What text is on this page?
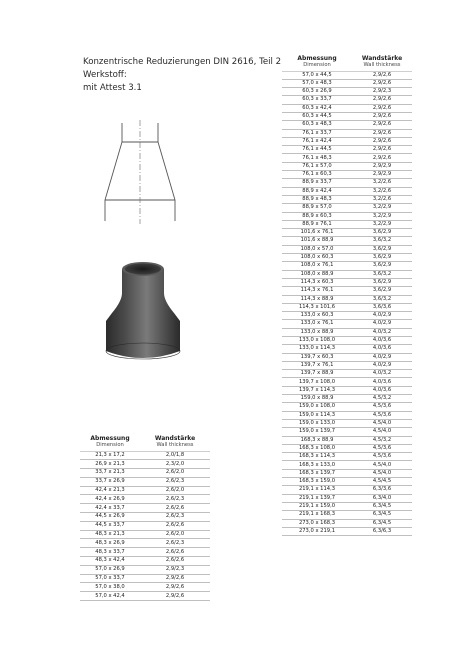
Konzentrische Reduzierungen DIN 2616, Teil 2
Werkstoff:
mit Attest 3.1
Abmessung
Dimension
Wandstärke
Wall thickness
57,0 x 44,5	2,9/2,6
57,0 x 48,3	2,9/2,6
60,3 x 26,9	2,9/2,3
60,3 x 33,7	2,9/2,6
60,3 x 42,4	2,9/2,6
60,3 x 44,5	2,9/2,6
60,3 x 48,3	2,9/2,6
76,1 x 33,7	2,9/2,6
76,1 x 42,4	2,9/2,6
76,1 x 44,5	2,9/2,6
76,1 x 48,3	2,9/2,6
76,1 x 57,0	2,9/2,9
76,1 x 60,3	2,9/2,9
88,9 x 33,7	3,2/2,6
88,9 x 42,4	3,2/2,6
88,9 x 48,3	3,2/2,6
88,9 x 57,0	3,2/2,9
88,9 x 60,3	3,2/2,9
88,9 x 76,1	3,2/2,9
101,6 x 76,1	3,6/2,9
101,6 x 88,9	3,6/3,2
108,0 x 57,0	3,6/2,9
108,0 x 60,3	3,6/2,9
108,0 x 76,1	3,6/2,9
108,0 x 88,9	3,6/3,2
114,3 x 60,3	3,6/2,9
114,3 x 76,1	3,6/2,9
114,3 x 88,9	3,6/3,2
114,3 x 101,6	3,6/3,6
133,0 x 60,3	4,0/2,9
133,0 x 76,1	4,0/2,9
133,0 x 88,9	4,0/3,2
133,0 x 108,0	4,0/3,6
133,0 x 114,3	4,0/3,6
139,7 x 60,3	4,0/2,9
139,7 x 76,1	4,0/2,9
139,7 x 88,9	4,0/3,2
139,7 x 108,0	4,0/3,6
139,7 x 114,3	4,0/3,6
159,0 x 88,9	4,5/3,2
159,0 x 108,0	4,5/3,6
159,0 x 114,3	4,5/3,6
159,0 x 133,0	4,5/4,0
159,0 x 139,7	4,5/4,0
168,3 x 88,9	4,5/3,2
168,3 x 108,0	4,5/3,6
168,3 x 114,3	4,5/3,6
168,3 x 133,0	4,5/4,0
168,3 x 139,7	4,5/4,0
168,3 x 159,0	4,5/4,5
219,1 x 114,3	6,3/3,6
219,1 x 139,7	6,3/4,0
219,1 x 159,0	6,3/4,5
219,1 x 168,3	6,3/4,5
273,0 x 168,3	6,3/4,5
273,0 x 219,1	6,3/6,3
Abmessung
Dimension
Wandstärke
Wall thickness
21,3 x 17,2	2,0/1,8
26,9 x 21,3	2,3/2,0
33,7 x 21,3	2,6/2,0
33,7 x 26,9	2,6/2,3
42,4 x 21,3	2,6/2,0
42,4 x 26,9	2,6/2,3
42,4 x 33,7	2,6/2,6
44,5 x 26,9	2,6/2,3
44,5 x 33,7	2,6/2,6
48,3 x 21,3	2,6/2,0
48,3 x 26,9	2,6/2,3
48,3 x 33,7	2,6/2,6
48,3 x 42,4	2,6/2,6
57,0 x 26,9	2,9/2,3
57,0 x 33,7	2,9/2,6
57,0 x 38,0	2,9/2,6
57,0 x 42,4	2,9/2,6
